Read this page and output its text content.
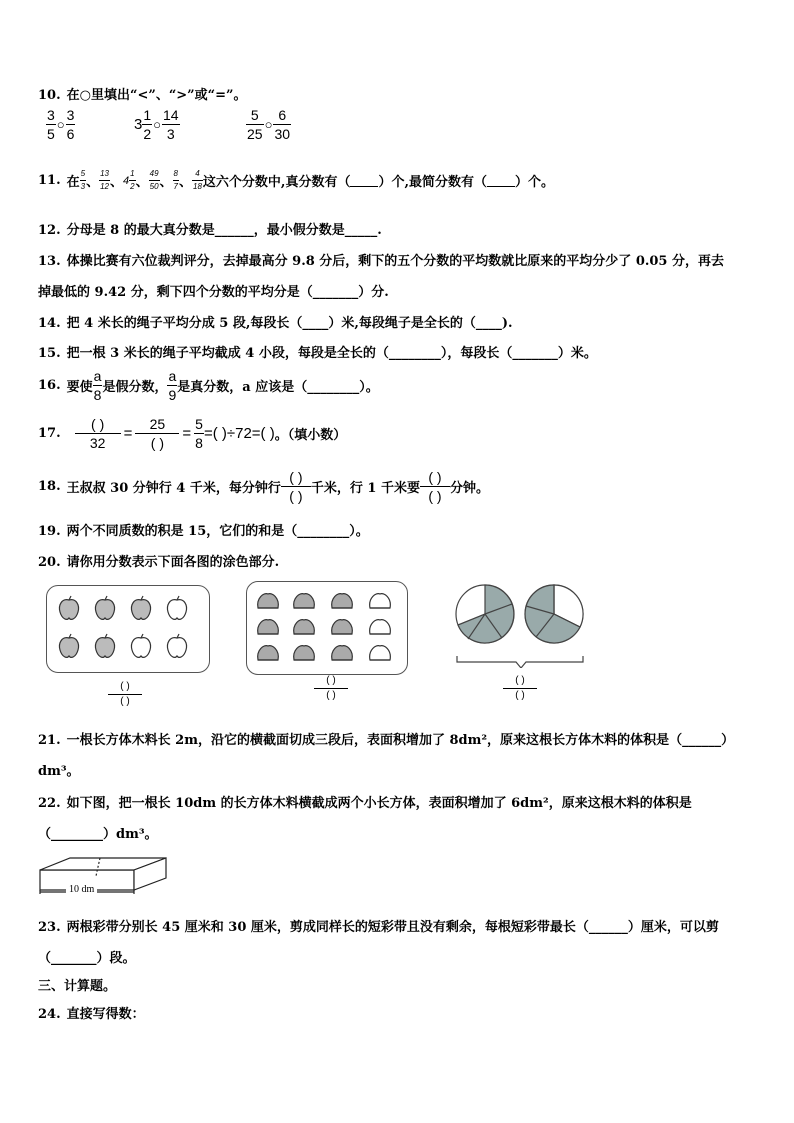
10. 在○里填出“<”、“>”或“=”。
$\frac{3}{5}$ ○ $\frac{3}{6}$	$3 \frac{1}{2}$ ○ $\frac{14}{3}$	$\frac{5}{25}$ ○ $\frac{6}{30}$
11. 在 $\frac{5}{3}$ 、 $\frac{13}{12}$ 、 $4 \frac{1}{2}$ 、 $\frac{49}{50}$ 、 $\frac{8}{7}$ 、 $\frac{4}{18}$ 这六个分数中,真分数有（ ）个,最简分数有（ ）个。
12. 分母是 8 的最大真分数是______，最小假分数是_____.
13. 体操比赛有六位裁判评分，去掉最高分 9.8 分后，剩下的五个分数的平均数就比原来的平均分少了 0.05 分，再去
掉最低的 9.42 分，剩下四个分数的平均分是（_______）分.
14. 把 4 米长的绳子平均分成 5 段,每段长（____）米,每段绳子是全长的（____).
15. 把一根 3 米长的绳子平均截成 4 小段，每段是全长的（________），每段长（_______）米。
16. 要使 $\frac{a}{8}$ 是假分数， $\frac{a}{9}$ 是真分数，a 应该是（________）。
17. $\frac{( )}{32} = \frac{25}{( )} = \frac{5}{8}$ =( )÷72=( ) 。（填小数）
18. 王叔叔 30 分钟行 4 千米，每分钟行 $\frac{( )}{( )}$ 千米，行 1 千米要 $\frac{( )}{( )}$ 分钟。
19. 两个不同质数的积是 15，它们的和是（________）。
20. 请你用分数表示下面各图的涂色部分.
$\frac{( )}{( )}$	$\frac{( )}{( )}$	$\frac{( )}{( )}$
21. 一根长方体木料长 2m，沿它的横截面切成三段后，表面积增加了 8dm²，原来这根长方体木料的体积是（______）
dm³。
22. 如下图，把一根长 10dm 的长方体木料横截成两个小长方体，表面积增加了 6dm²，原来这根木料的体积是
（________）dm³。
10 dm
23. 两根彩带分别长 45 厘米和 30 厘米，剪成同样长的短彩带且没有剩余，每根短彩带最长（______）厘米，可以剪
（_______）段。
三、计算题。
24. 直接写得数：
